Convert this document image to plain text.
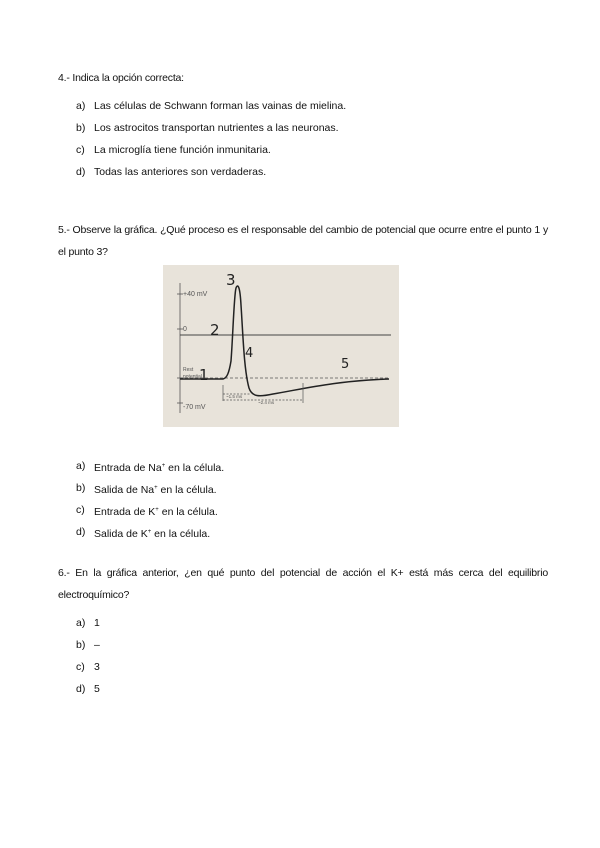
4.- Indica la opción correcta:

a) Las células de Schwann forman las vainas de mielina.
b) Los astrocitos transportan nutrientes a las neuronas.
c) La microglía tiene función inmunitaria.
d) Todas las anteriores son verdaderas.

5.- Observe la gráfica. ¿Qué proceso es el responsable del cambio de potencial que ocurre entre el punto 1 y el punto 3?

a) Entrada de Na+ en la célula.
b) Salida de Na+ en la célula.
c) Entrada de K+ en la célula.
d) Salida de K+ en la célula.
+40 mV
0
Rest
potential
-70 mV
~1.5 ms
~2.4 ms
1
2
3
4
5

6.- En la gráfica anterior, ¿en qué punto del potencial de acción el K+ está más cerca del equilibrio electroquímico?

a) 1
b) –
c) 3
d) 5
